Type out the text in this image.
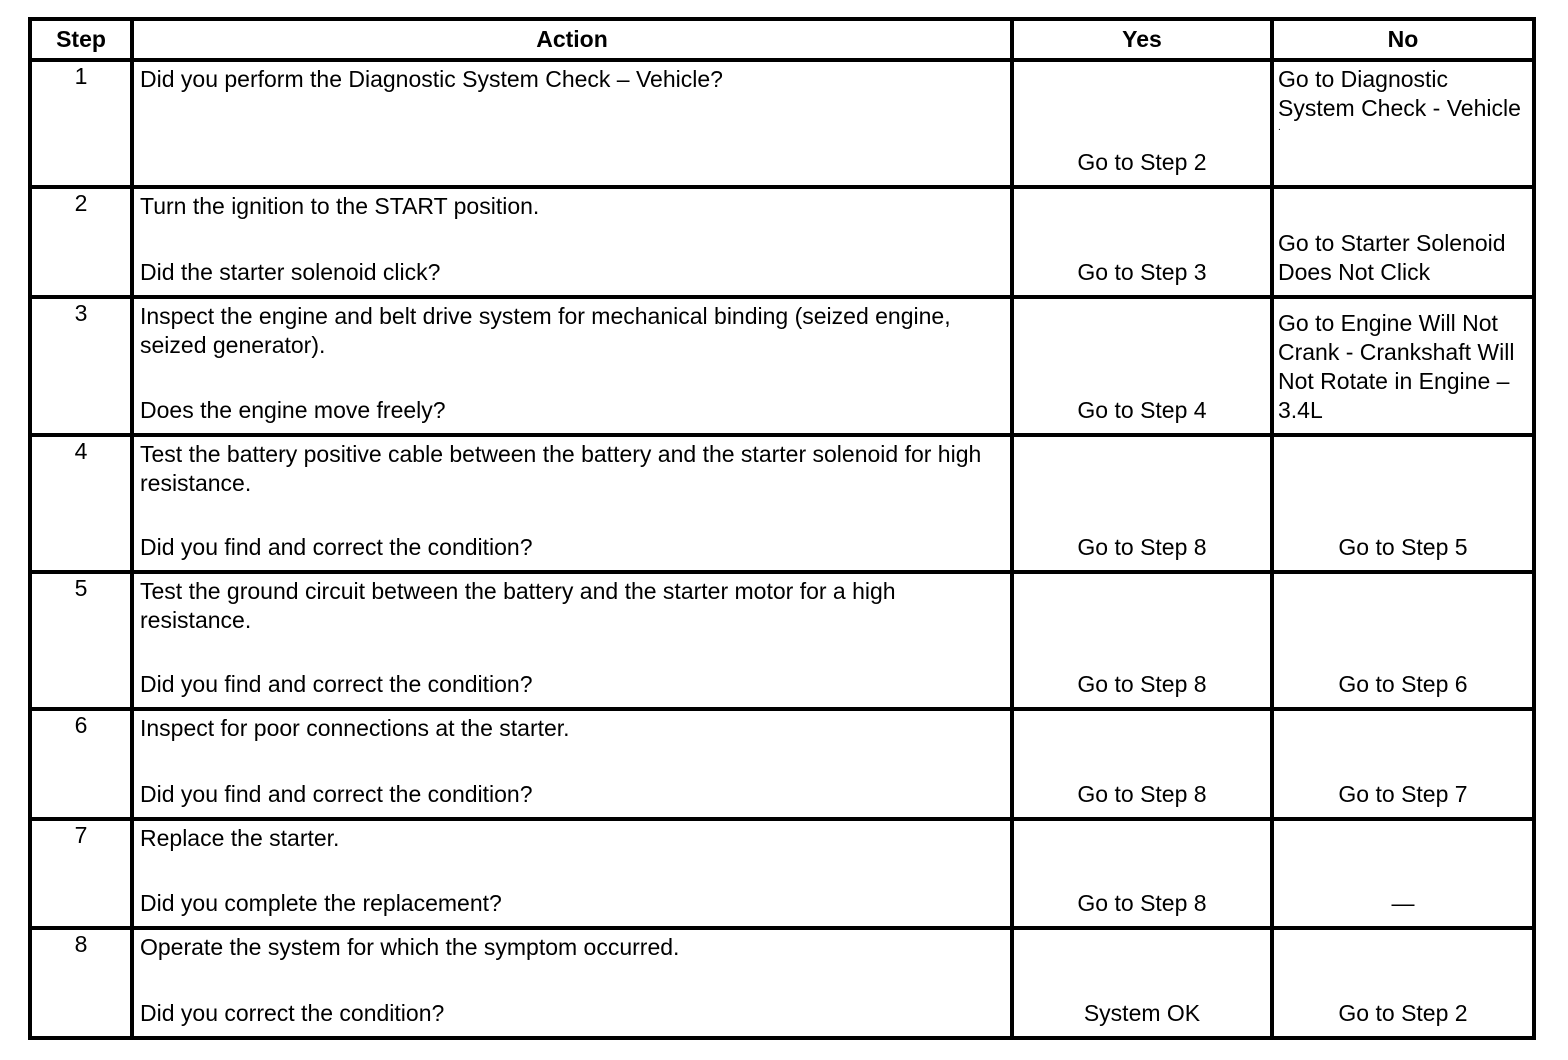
Step	Action	Yes	No
1	Did you perform the Diagnostic System Check – Vehicle?	Go to Step 2	Go to Diagnostic System Check - Vehicle
.

2	Turn the ignition to the START position.
Did the starter solenoid click?	Go to Step 3	Go to Starter Solenoid Does Not Click

3	Inspect the engine and belt drive system for mechanical binding (seized engine, seized generator).
Does the engine move freely?	Go to Step 4	Go to Engine Will Not Crank - Crankshaft Will Not Rotate in Engine – 3.4L

4	Test the battery positive cable between the battery and the starter solenoid for high resistance.
Did you find and correct the condition?	Go to Step 8	Go to Step 5

5	Test the ground circuit between the battery and the starter motor for a high resistance.
Did you find and correct the condition?	Go to Step 8	Go to Step 6

6	Inspect for poor connections at the starter.
Did you find and correct the condition?	Go to Step 8	Go to Step 7

7	Replace the starter.
Did you complete the replacement?	Go to Step 8	—

8	Operate the system for which the symptom occurred.
Did you correct the condition?	System OK	Go to Step 2
